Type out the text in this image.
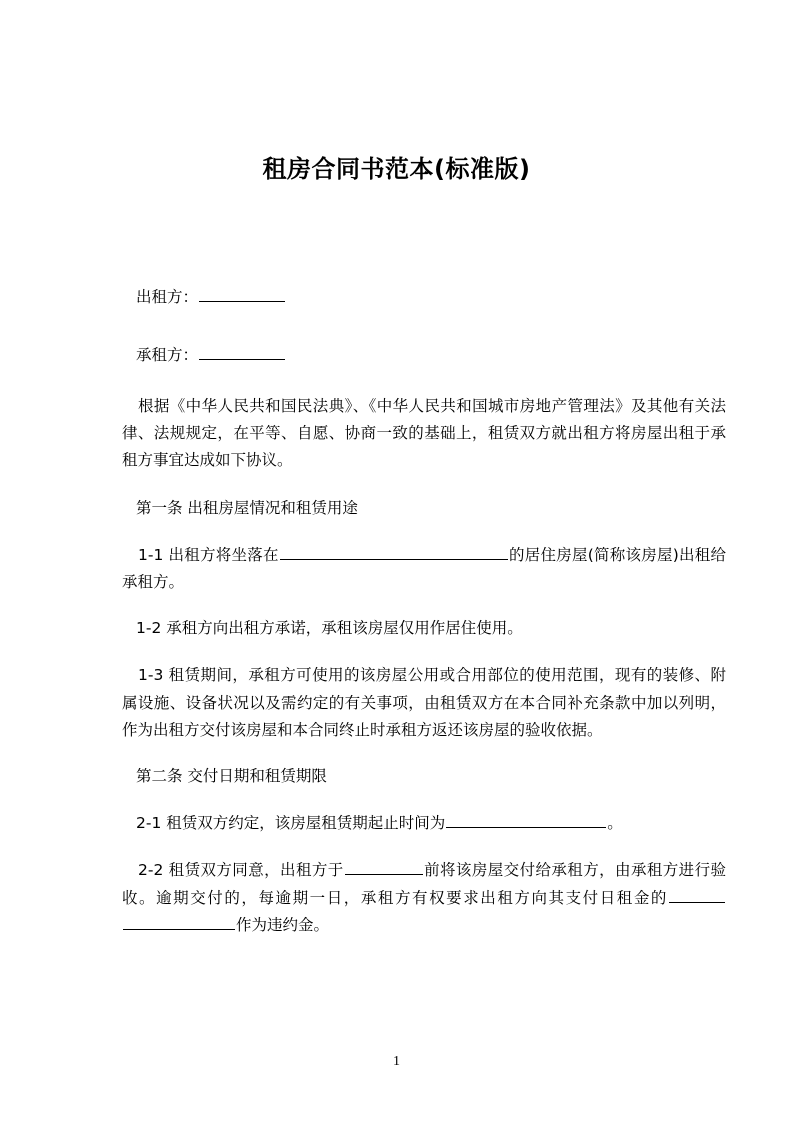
租房合同书范本(标准版)

出租方：

承租方：

根据《中华人民共和国民法典》、《中华人民共和国城市房地产管理法》及其他有关法律、法规规定，在平等、自愿、协商一致的基础上，租赁双方就出租方将房屋出租于承租方事宜达成如下协议。

第一条 出租房屋情况和租赁用途

1-1 出租方将坐落在	的居住房屋(简称该房屋)出租给承租方。

1-2 承租方向出租方承诺，承租该房屋仅用作居住使用。

1-3 租赁期间，承租方可使用的该房屋公用或合用部位的使用范围，现有的装修、附属设施、设备状况以及需约定的有关事项，由租赁双方在本合同补充条款中加以列明，作为出租方交付该房屋和本合同终止时承租方返还该房屋的验收依据。

第二条 交付日期和租赁期限

2-1 租赁双方约定，该房屋租赁期起止时间为	。

2-2 租赁双方同意，出租方于	前将该房屋交付给承租方，由承租方进行验收。逾期交付的，每逾期一日，承租方有权要求出租方向其支付日租金的作为违约金。

1
